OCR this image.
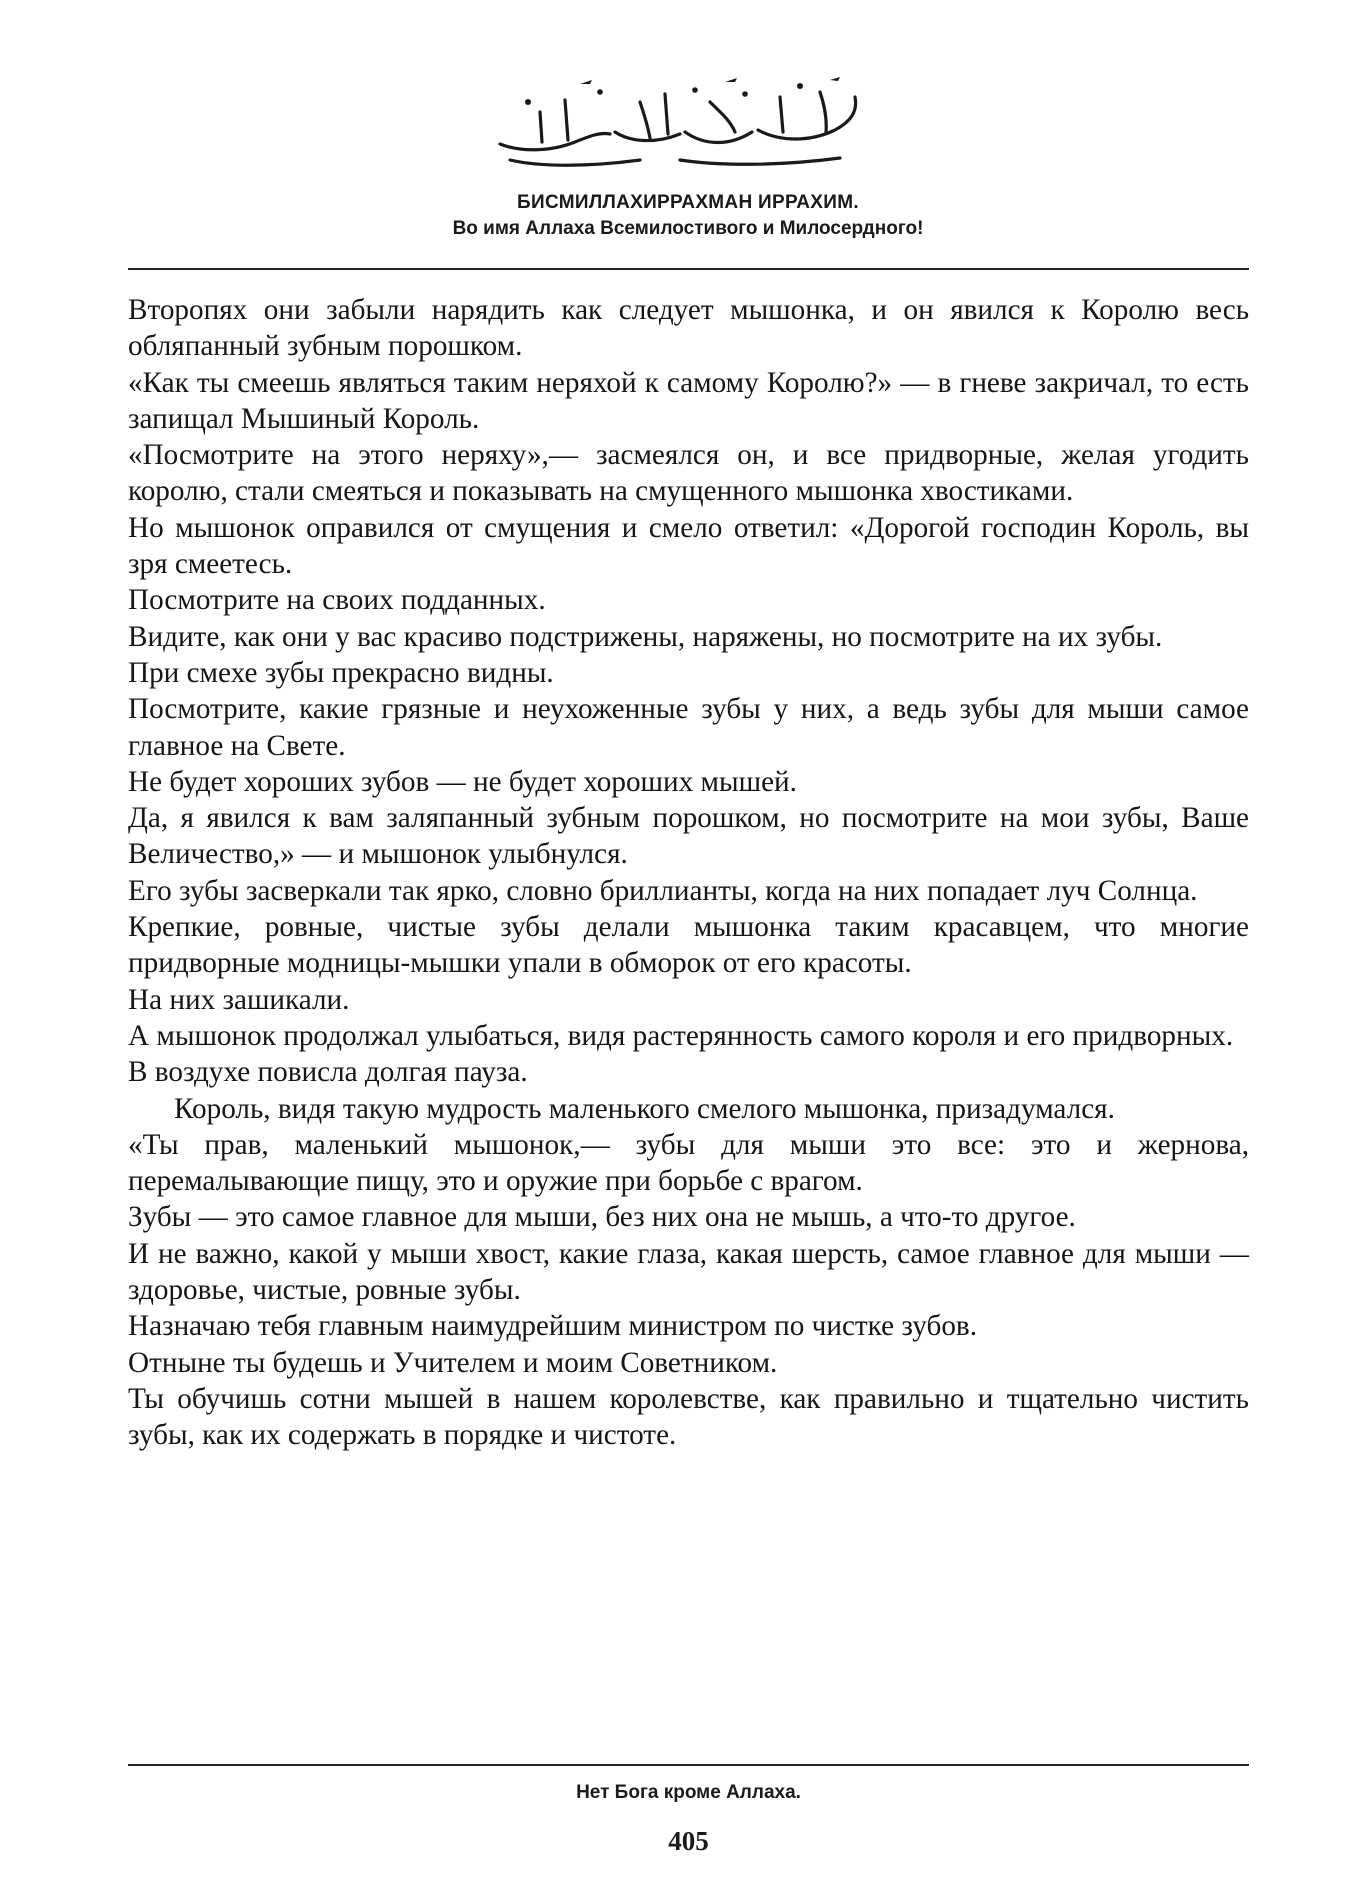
БИСМИЛЛАХИРРАХМАН ИРРАХИМ.
Во имя Аллаха Всемилостивого и Милосердного!

Второпях они забыли нарядить как следует мышонка, и он явился к Королю весь обляпанный зубным порошком.

«Как ты смеешь являться таким неряхой к самому Королю?» — в гневе закричал, то есть запищал Мышиный Король.

«Посмотрите на этого неряху»,— засмеялся он, и все придворные, желая угодить королю, стали смеяться и показывать на смущенного мышонка хвостиками.

Но мышонок оправился от смущения и смело ответил: «Дорогой господин Король, вы зря смеетесь.

Посмотрите на своих подданных.

Видите, как они у вас красиво подстрижены, наряжены, но посмотрите на их зубы.

При смехе зубы прекрасно видны.

Посмотрите, какие грязные и неухоженные зубы у них, а ведь зубы для мыши самое главное на Свете.

Не будет хороших зубов — не будет хороших мышей.

Да, я явился к вам заляпанный зубным порошком, но посмотрите на мои зубы, Ваше Величество,» — и мышонок улыбнулся.

Его зубы засверкали так ярко, словно бриллианты, когда на них попадает луч Солнца.

Крепкие, ровные, чистые зубы делали мышонка таким красавцем, что многие придворные модницы-мышки упали в обморок от его красоты.

На них зашикали.

А мышонок продолжал улыбаться, видя растерянность самого короля и его придворных.

В воздухе повисла долгая пауза.

Король, видя такую мудрость маленького смелого мышонка, призадумался.

«Ты прав, маленький мышонок,— зубы для мыши это все: это и жернова, перемалывающие пищу, это и оружие при борьбе с врагом.

Зубы — это самое главное для мыши, без них она не мышь, а что-то другое.

И не важно, какой у мыши хвост, какие глаза, какая шерсть, самое главное для мыши — здоровье, чистые, ровные зубы.

Назначаю тебя главным наимудрейшим министром по чистке зубов.

Отныне ты будешь и Учителем и моим Советником.

Ты обучишь сотни мышей в нашем королевстве, как правильно и тщательно чистить зубы, как их содержать в порядке и чистоте.

Нет Бога кроме Аллаха.
405
